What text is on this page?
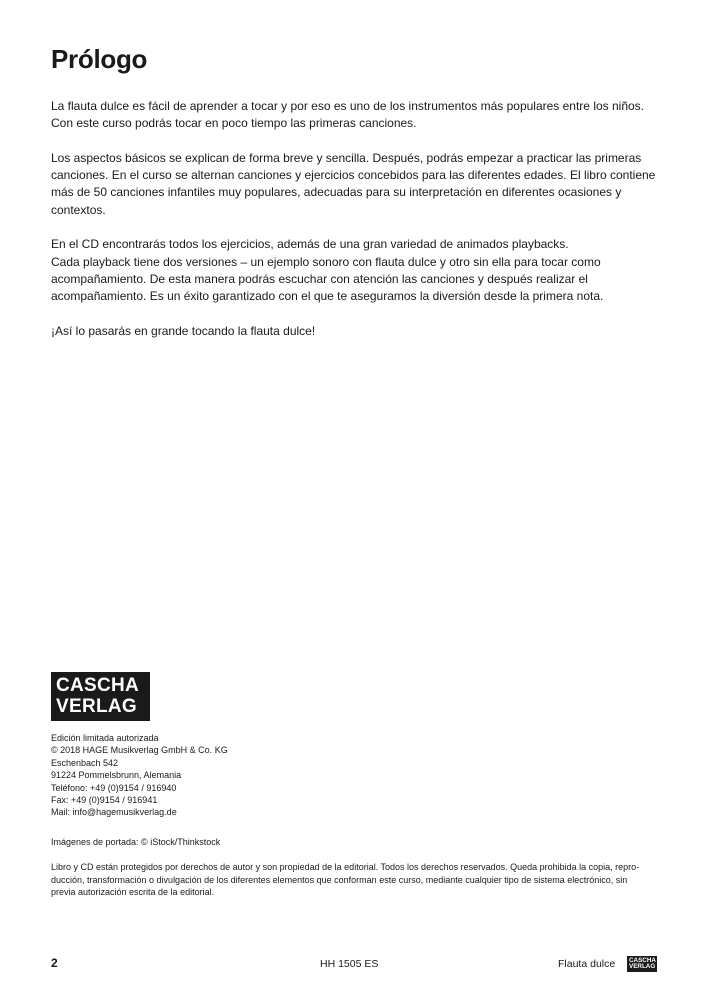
Prólogo

La flauta dulce es fácil de aprender a tocar y por eso es uno de los instrumentos más populares entre los niños.
Con este curso podrás tocar en poco tiempo las primeras canciones.

Los aspectos básicos se explican de forma breve y sencilla. Después, podrás empezar a practicar las primeras
canciones. En el curso se alternan canciones y ejercicios concebidos para las diferentes edades. El libro contiene
más de 50 canciones infantiles muy populares, adecuadas para su interpretación en diferentes ocasiones y
contextos.

En el CD encontrarás todos los ejercicios, además de una gran variedad de animados playbacks.
Cada playback tiene dos versiones – un ejemplo sonoro con flauta dulce y otro sin ella para tocar como
acompañamiento. De esta manera podrás escuchar con atención las canciones y después realizar el
acompañamiento. Es un éxito garantizado con el que te aseguramos la diversión desde la primera nota.

¡Así lo pasarás en grande tocando la flauta dulce!

CASCHA
VERLAG
Edición limitada autorizada
© 2018 HAGE Musikverlag GmbH & Co. KG
Eschenbach 542
91224 Pommelsbrunn, Alemania
Teléfono: +49 (0)9154 / 916940
Fax: +49 (0)9154 / 916941
Mail: info@hagemusikverlag.de
Imágenes de portada: © iStock/Thinkstock
Libro y CD están protegidos por derechos de autor y son propiedad de la editorial. Todos los derechos reservados. Queda prohibida la copia, repro-
ducción, transformación o divulgación de los diferentes elementos que conforman este curso, mediante cualquier tipo de sistema electrónico, sin
previa autorización escrita de la editorial.
2	HH 1505 ES	Flauta dulce CASCHA
VERLAG
